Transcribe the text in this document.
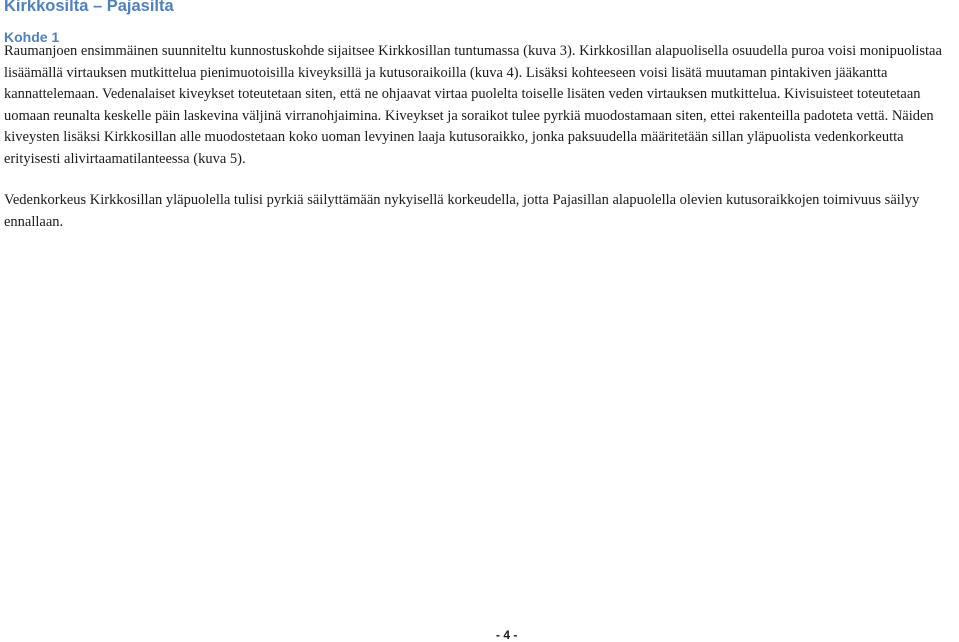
Kirkkosilta – Pajasilta
Kohde 1

Raumanjoen ensimmäinen suunniteltu kunnostuskohde sijaitsee Kirkkosillan tuntumassa (kuva 3). Kirkkosillan alapuolisella osuudella puroa voisi monipuolistaa lisäämällä virtauksen mutkittelua pienimuotoisilla kiveyksillä ja kutusoraikoilla (kuva 4). Lisäksi kohteeseen voisi lisätä muutaman pintakiven jääkantta kannattelemaan. Vedenalaiset kiveykset toteutetaan siten, että ne ohjaavat virtaa puolelta toiselle lisäten veden virtauksen mutkittelua. Kivisuisteet toteutetaan uomaan reunalta keskelle päin laskevina väljinä virranohjaimina. Kiveykset ja soraikot tulee pyrkiä muodostamaan siten, ettei rakenteilla padoteta vettä. Näiden kiveysten lisäksi Kirkkosillan alle muodostetaan koko uoman levyinen laaja kutusoraikko, jonka paksuudella määritetään sillan yläpuolista vedenkorkeutta erityisesti alivirtaamatilanteessa (kuva 5).

Vedenkorkeus Kirkkosillan yläpuolella tulisi pyrkiä säilyttämään nykyisellä korkeudella, jotta Pajasillan alapuolella olevien kutusoraikkojen toimivuus säilyy ennallaan.

- 4 -
